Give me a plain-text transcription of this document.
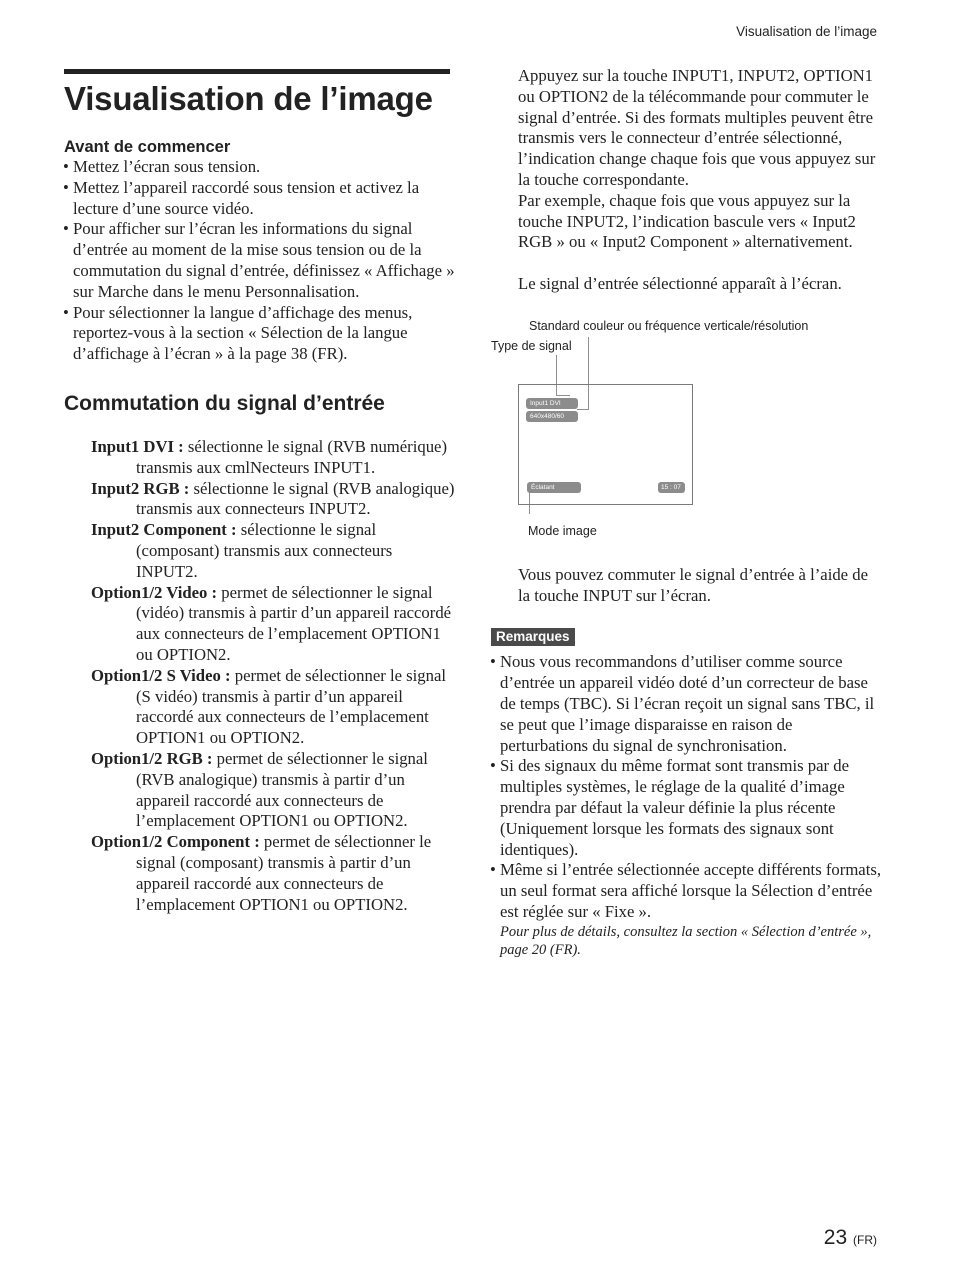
Visualisation de l’image
Visualisation de l’image
Avant de commencer
• Mettez l’écran sous tension.
• Mettez l’appareil raccordé sous tension et activez la lecture d’une source vidéo.
• Pour afficher sur l’écran les informations du signal d’entrée au moment de la mise sous tension ou de la commutation du signal d’entrée, définissez « Affichage » sur Marche dans le menu Personnalisation.
• Pour sélectionner la langue d’affichage des menus, reportez-vous à la section « Sélection de la langue d’affichage à l’écran » à la page 38 (FR).
Commutation du signal d’entrée
Input1 DVI : sélectionne le signal (RVB numérique) transmis aux cmlNecteurs INPUT1.
Input2 RGB : sélectionne le signal (RVB analogique) transmis aux connecteurs INPUT2.
Input2 Component : sélectionne le signal (composant) transmis aux connecteurs INPUT2.
Option1/2 Video : permet de sélectionner le signal (vidéo) transmis à partir d’un appareil raccordé aux connecteurs de l’emplacement OPTION1 ou OPTION2.
Option1/2 S Video : permet de sélectionner le signal (S vidéo) transmis à partir d’un appareil raccordé aux connecteurs de l’emplacement OPTION1 ou OPTION2.
Option1/2 RGB : permet de sélectionner le signal (RVB analogique) transmis à partir d’un appareil raccordé aux connecteurs de l’emplacement OPTION1 ou OPTION2.
Option1/2 Component : permet de sélectionner le signal (composant) transmis à partir d’un appareil raccordé aux connecteurs de l’emplacement OPTION1 ou OPTION2.

Appuyez sur la touche INPUT1, INPUT2, OPTION1 ou OPTION2 de la télécommande pour commuter le signal d’entrée. Si des formats multiples peuvent être transmis vers le connecteur d’entrée sélectionné, l’indication change chaque fois que vous appuyez sur la touche correspondante.

Par exemple, chaque fois que vous appuyez sur la touche INPUT2, l’indication bascule vers « Input2 RGB » ou « Input2 Component » alternativement.

Le signal d’entrée sélectionné apparaît à l’écran.

Standard couleur ou fréquence verticale/résolution
Type de signal
Input1 DVI
640x480/60
Éclatant	15 : 07
Mode image

Vous pouvez commuter le signal d’entrée à l’aide de la touche INPUT sur l’écran.

Remarques
• Nous vous recommandons d’utiliser comme source d’entrée un appareil vidéo doté d’un correcteur de base de temps (TBC). Si l’écran reçoit un signal sans TBC, il se peut que l’image disparaisse en raison de perturbations du signal de synchronisation.
• Si des signaux du même format sont transmis par de multiples systèmes, le réglage de la qualité d’image prendra par défaut la valeur définie la plus récente (Uniquement lorsque les formats des signaux sont identiques).
• Même si l’entrée sélectionnée accepte différents formats, un seul format sera affiché lorsque la Sélection d’entrée est réglée sur « Fixe ».
Pour plus de détails, consultez la section « Sélection d’entrée », page 20 (FR).
23 (FR)
